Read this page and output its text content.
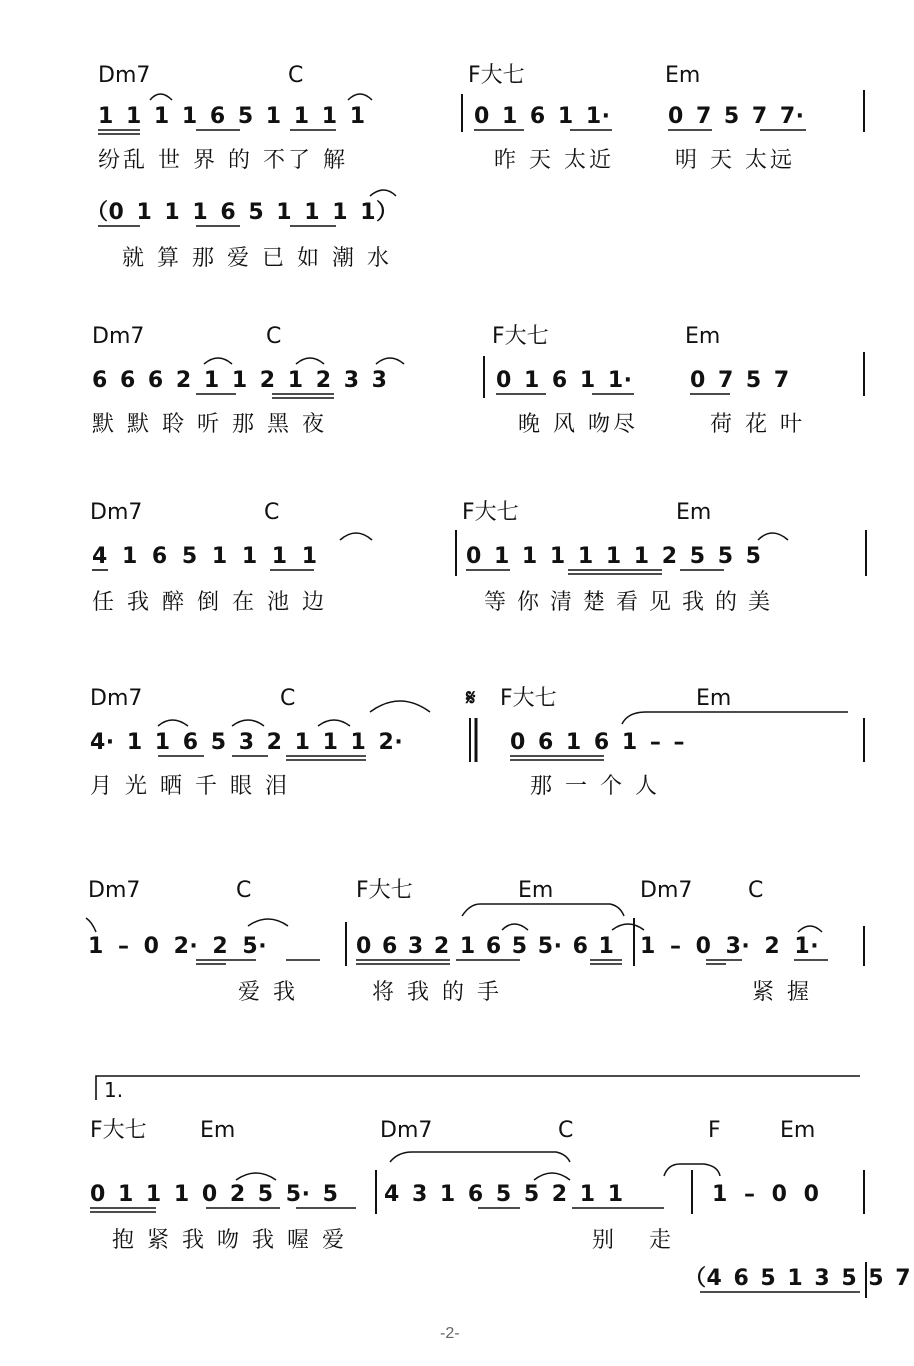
Dm7	C	F大七	Em
1 1 1 1 6 5 1 1 1 1	0 1 6 1 1·	0 7 5 7 7·
纷乱 世 界 的 不了 解	昨 天 太近	明 天 太远
（0 1 1 1 6 5 1 1 1 1）
就 算 那 爱 已 如 潮 水
Dm7	C	F大七	Em
6 6 6 2 1 1 2 1 2 3 3	0 1 6 1 1·	0 7 5 7
默 默 聆 听 那 黑 夜	晚 风 吻尽	荷 花 叶
Dm7	C	F大七	Em
4 1 6 5 1 1 1 1	0 1 1 1 1 1 1 2 5 5 5
任 我 醉 倒 在 池 边	等 你 清 楚 看 见 我 的 美
Dm7	C	𝄋 F大七	Em
4· 1 1 6 5 3 2 1 1 1 2·	0 6 1 6 1 – –
月 光 晒 千 眼 泪	那 一 个 人
Dm7	C	F大七	Em	Dm7	C
1 – 0 2· 2 5·	0 6 3 2 1 6 5 5· 6 1 1 – 0 3· 2 1·
爱 我	将 我 的 手	紧 握
1.
F大七 Em	Dm7	C	F	Em
0 1 1 1 0 2 5 5· 5 4 3 1 6 5 5 2 1 1	1 – 0 0
抱 紧 我 吻 我 喔 爱	别 走
（4 6 5 1 3 5 5 7
-2-
